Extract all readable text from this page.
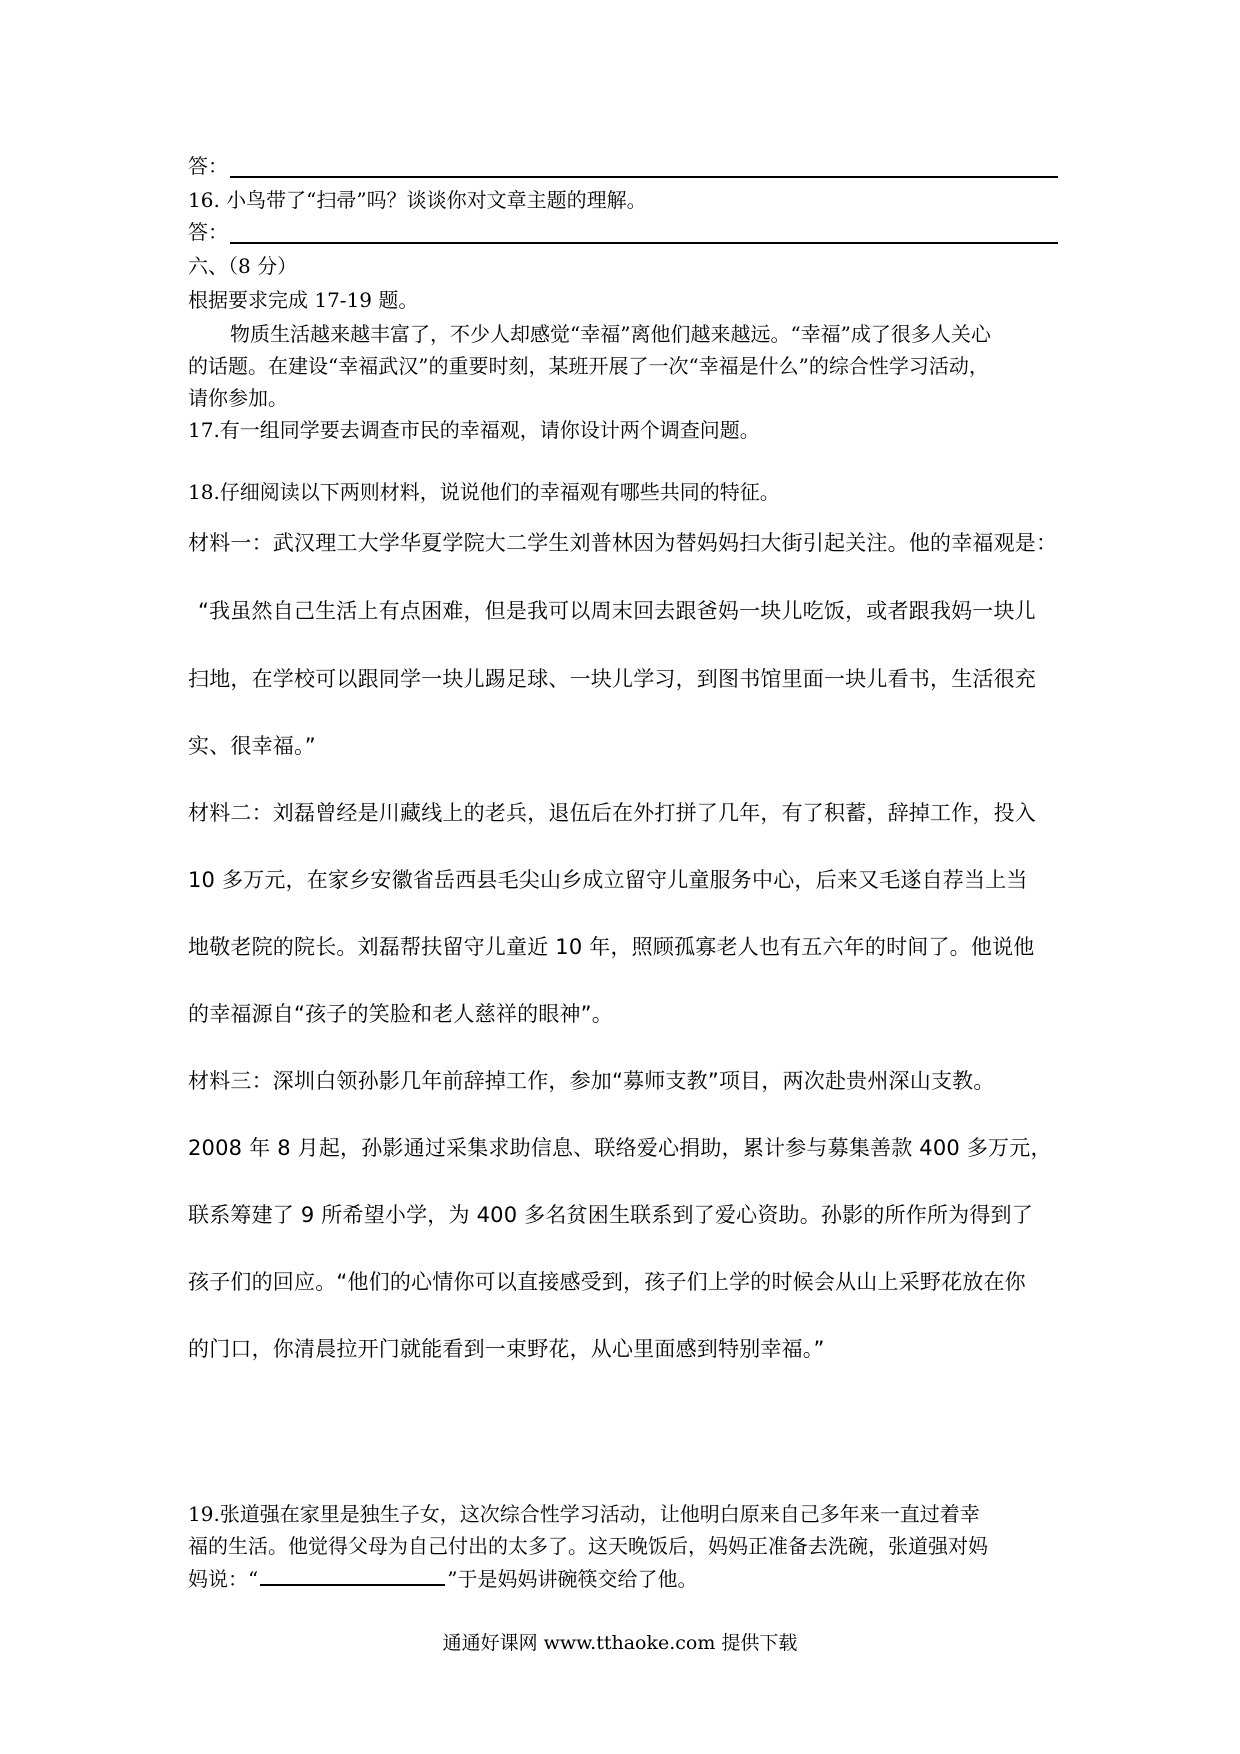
答：
16. 小鸟带了“扫帚”吗？谈谈你对文章主题的理解。
答：
六、（8 分）
根据要求完成 17-19 题。
物质生活越来越丰富了，不少人却感觉“幸福”离他们越来越远。“幸福”成了很多人关心
的话题。在建设“幸福武汉”的重要时刻，某班开展了一次“幸福是什么”的综合性学习活动，
请你参加。
17.有一组同学要去调查市民的幸福观，请你设计两个调查问题。
18.仔细阅读以下两则材料，说说他们的幸福观有哪些共同的特征。
材料一：武汉理工大学华夏学院大二学生刘普林因为替妈妈扫大街引起关注。他的幸福观是：
“我虽然自己生活上有点困难，但是我可以周末回去跟爸妈一块儿吃饭，或者跟我妈一块儿
扫地，在学校可以跟同学一块儿踢足球、一块儿学习，到图书馆里面一块儿看书，生活很充
实、很幸福。”
材料二：刘磊曾经是川藏线上的老兵，退伍后在外打拼了几年，有了积蓄，辞掉工作，投入
10 多万元，在家乡安徽省岳西县毛尖山乡成立留守儿童服务中心，后来又毛遂自荐当上当
地敬老院的院长。刘磊帮扶留守儿童近 10 年，照顾孤寡老人也有五六年的时间了。他说他
的幸福源自“孩子的笑脸和老人慈祥的眼神”。
材料三：深圳白领孙影几年前辞掉工作，参加“募师支教”项目，两次赴贵州深山支教。
2008 年 8 月起，孙影通过采集求助信息、联络爱心捐助，累计参与募集善款 400 多万元，
联系筹建了 9 所希望小学，为 400 多名贫困生联系到了爱心资助。孙影的所作所为得到了
孩子们的回应。“他们的心情你可以直接感受到，孩子们上学的时候会从山上采野花放在你
的门口，你清晨拉开门就能看到一束野花，从心里面感到特别幸福。”
19.张道强在家里是独生子女，这次综合性学习活动，让他明白原来自己多年来一直过着幸
福的生活。他觉得父母为自己付出的太多了。这天晚饭后，妈妈正准备去洗碗，张道强对妈
妈说：“	”于是妈妈讲碗筷交给了他。
通通好课网 www.tthaoke.com 提供下载
